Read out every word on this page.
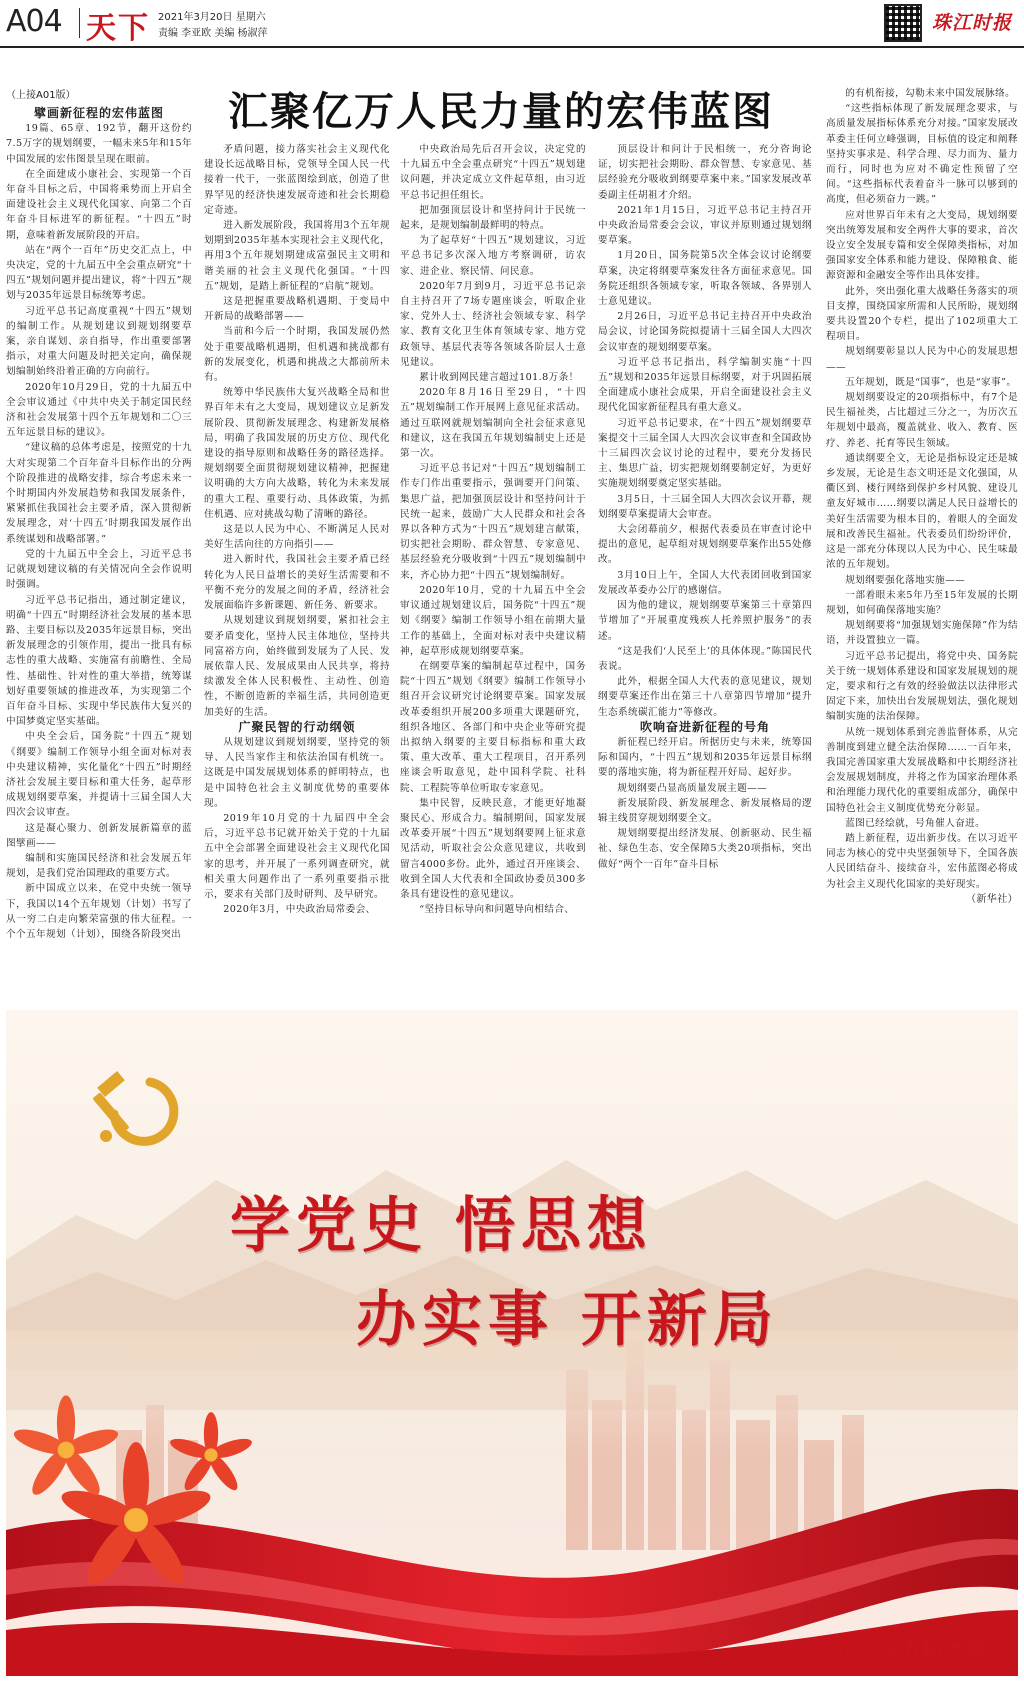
A04 天下 2021年3月20日 星期六
责编 李亚欧 美编 杨淑萍	珠江时报
（上接A01版）	汇聚亿万人民力量的宏伟蓝图

擘画新征程的宏伟蓝图

19篇、65章、192节，翻开这份约7.5万字的规划纲要，一幅未来5年和15年中国发展的宏伟图景呈现在眼前。

在全面建成小康社会、实现第一个百年奋斗目标之后，中国将乘势而上开启全面建设社会主义现代化国家、向第二个百年奋斗目标进军的新征程。“十四五”时期，意味着新发展阶段的开启。

站在“两个一百年”历史交汇点上，中央决定，党的十九届五中全会重点研究“十四五”规划问题并提出建议，将“十四五”规划与2035年远景目标统筹考虑。

习近平总书记高度重视“十四五”规划的编制工作。从规划建议到规划纲要草案，亲自谋划、亲自指导，作出重要部署指示，对重大问题及时把关定向，确保规划编制始终沿着正确的方向前行。

2020年10月29日，党的十九届五中全会审议通过《中共中央关于制定国民经济和社会发展第十四个五年规划和二〇三五年远景目标的建议》。

“建议稿的总体考虑是，按照党的十九大对实现第二个百年奋斗目标作出的分两个阶段推进的战略安排，综合考虑未来一个时期国内外发展趋势和我国发展条件，紧紧抓住我国社会主要矛盾，深入贯彻新发展理念，对‘十四五’时期我国发展作出系统谋划和战略部署。”

党的十九届五中全会上，习近平总书记就规划建议稿的有关情况向全会作说明时强调。

习近平总书记指出，通过制定建议，明确“十四五”时期经济社会发展的基本思路、主要目标以及2035年远景目标，突出新发展理念的引领作用，提出一批具有标志性的重大战略、实施富有前瞻性、全局性、基础性、针对性的重大举措，统筹谋划好重要领域的推进改革，为实现第二个百年奋斗目标、实现中华民族伟大复兴的中国梦奠定坚实基础。

中央全会后，国务院“十四五”规划《纲要》编制工作领导小组全面对标对表中央建议精神，实化量化“十四五”时期经济社会发展主要目标和重大任务，起草形成规划纲要草案，并提请十三届全国人大四次会议审查。

这是凝心聚力、创新发展新篇章的蓝图擘画——

编制和实施国民经济和社会发展五年规划，是我们党治国理政的重要方式。

新中国成立以来，在党中央统一领导下，我国以14个五年规划（计划）书写了从一穷二白走向繁荣富强的伟大征程。一个个五年规划（计划），围绕各阶段突出

矛盾问题，接力落实社会主义现代化建设长远战略目标，党领导全国人民一代接着一代干，一张蓝图绘到底，创造了世界罕见的经济快速发展奇迹和社会长期稳定奇迹。

进入新发展阶段，我国将用3个五年规划期到2035年基本实现社会主义现代化，再用3个五年规划期建成富强民主文明和谐美丽的社会主义现代化强国。“十四五”规划，是踏上新征程的“启航”规划。

这是把握重要战略机遇期、于变局中开新局的战略部署——

当前和今后一个时期，我国发展仍然处于重要战略机遇期，但机遇和挑战都有新的发展变化，机遇和挑战之大都前所未有。

统筹中华民族伟大复兴战略全局和世界百年未有之大变局，规划建议立足新发展阶段、贯彻新发展理念、构建新发展格局，明确了我国发展的历史方位、现代化建设的指导原则和战略任务的路径选择。规划纲要全面贯彻规划建议精神，把握建议明确的大方向大战略，转化为未来发展的重大工程、重要行动、具体政策，为抓住机遇、应对挑战勾勒了清晰的路径。

这是以人民为中心、不断满足人民对美好生活向往的方向指引——

进入新时代，我国社会主要矛盾已经转化为人民日益增长的美好生活需要和不平衡不充分的发展之间的矛盾，经济社会发展面临许多新课题、新任务、新要求。

从规划建议到规划纲要，紧扣社会主要矛盾变化，坚持人民主体地位，坚持共同富裕方向，始终做到发展为了人民、发展依靠人民、发展成果由人民共享，将持续激发全体人民积极性、主动性、创造性，不断创造新的幸福生活，共同创造更加美好的生活。

广聚民智的行动纲领

从规划建议到规划纲要，坚持党的领导、人民当家作主和依法治国有机统一。这既是中国发展规划体系的鲜明特点，也是中国特色社会主义制度优势的重要体现。

2019年10月党的十九届四中全会后，习近平总书记就开始关于党的十九届五中全会部署全面建设社会主义现代化国家的思考，并开展了一系列调查研究，就相关重大问题作出了一系列重要指示批示，要求有关部门及时研判、及早研究。

2020年3月，中央政治局常委会、

中央政治局先后召开会议，决定党的十九届五中全会重点研究“十四五”规划建议问题，并决定成立文件起草组，由习近平总书记担任组长。

把加强顶层设计和坚持问计于民统一起来，是规划编制最鲜明的特点。

为了起草好“十四五”规划建议，习近平总书记多次深入地方考察调研，访农家、进企业、察民情、问民意。

2020年7月到9月，习近平总书记亲自主持召开了7场专题座谈会，听取企业家、党外人士、经济社会领域专家、科学家、教育文化卫生体育领域专家、地方党政领导、基层代表等各领域各阶层人士意见建议。

累计收到网民建言超过101.8万条！

2020年8月16日至29日，“十四五”规划编制工作开展网上意见征求活动。通过互联网就规划编制向全社会征求意见和建议，这在我国五年规划编制史上还是第一次。

习近平总书记对“十四五”规划编制工作专门作出重要指示，强调要开门问策、集思广益，把加强顶层设计和坚持问计于民统一起来，鼓励广大人民群众和社会各界以各种方式为“十四五”规划建言献策，切实把社会期盼、群众智慧、专家意见、基层经验充分吸收到“十四五”规划编制中来，齐心协力把“十四五”规划编制好。

2020年10月，党的十九届五中全会审议通过规划建议后，国务院“十四五”规划《纲要》编制工作领导小组在前期大量工作的基础上，全面对标对表中央建议精神，起草形成规划纲要草案。

在纲要草案的编制起草过程中，国务院“十四五”规划《纲要》编制工作领导小组召开会议研究讨论纲要草案。国家发展改革委组织开展200多项重大课题研究，组织各地区、各部门和中央企业等研究提出拟纳入纲要的主要目标指标和重大政策、重大改革、重大工程项目，召开系列座谈会听取意见，赴中国科学院、社科院、工程院等单位听取专家意见。

集中民智，反映民意，才能更好地凝聚民心、形成合力。编制期间，国家发展改革委开展“十四五”规划纲要网上征求意见活动，听取社会公众意见建议，共收到留言4000多份。此外，通过召开座谈会、收到全国人大代表和全国政协委员300多条具有建设性的意见建议。

“坚持目标导向和问题导向相结合、

顶层设计和问计于民相统一，充分咨询论证，切实把社会期盼、群众智慧、专家意见、基层经验充分吸收到纲要草案中来。”国家发展改革委副主任胡祖才介绍。

2021年1月15日，习近平总书记主持召开中央政治局常委会会议，审议并原则通过规划纲要草案。

1月20日，国务院第5次全体会议讨论纲要草案，决定将纲要草案发往各方面征求意见。国务院还组织各领域专家，听取各领域、各界别人士意见建议。

2月26日，习近平总书记主持召开中央政治局会议，讨论国务院拟提请十三届全国人大四次会议审查的规划纲要草案。

习近平总书记指出，科学编制实施“十四五”规划和2035年远景目标纲要，对于巩固拓展全面建成小康社会成果，开启全面建设社会主义现代化国家新征程具有重大意义。

习近平总书记要求，在“十四五”规划纲要草案提交十三届全国人大四次会议审查和全国政协十三届四次会议讨论的过程中，要充分发扬民主、集思广益，切实把规划纲要制定好，为更好实施规划纲要奠定坚实基础。

3月5日，十三届全国人大四次会议开幕，规划纲要草案提请大会审查。

大会闭幕前夕，根据代表委员在审查讨论中提出的意见，起草组对规划纲要草案作出55处修改。

3月10日上午，全国人大代表团回收到国家发展改革委办公厅的感谢信。

因为他的建议，规划纲要草案第三十章第四节增加了“开展重度残疾人托养照护服务”的表述。

“这是我们‘人民至上’的具体体现。”陈国民代表说。

此外，根据全国人大代表的意见建议，规划纲要草案还作出在第三十八章第四节增加“提升生态系统碳汇能力”等修改。

吹响奋进新征程的号角

新征程已经开启。所据历史与未来，统筹国际和国内，“十四五”规划和2035年远景目标纲要的落地实施，将为新征程开好局、起好步。

规划纲要凸显高质量发展主题——

新发展阶段、新发展理念、新发展格局的逻辑主线贯穿规划纲要全文。

规划纲要提出经济发展、创新驱动、民生福祉、绿色生态、安全保障5大类20项指标，突出做好“两个一百年”奋斗目标

的有机衔接，勾勒未来中国发展脉络。

“这些指标体现了新发展理念要求，与高质量发展指标体系充分对接。”国家发展改革委主任何立峰强调，目标值的设定和阐释坚持实事求是、科学合理、尽力而为、量力而行，同时也为应对不确定性预留了空间。“这些指标代表着奋斗一脉可以够到的高度，但必须奋力一跳。”

应对世界百年未有之大变局，规划纲要突出统筹发展和安全两件大事的要求，首次设立安全发展专篇和安全保障类指标，对加强国家安全体系和能力建设、保障粮食、能源资源和金融安全等作出具体安排。

此外，突出强化重大战略任务落实的项目支撑，围绕国家所需和人民所盼，规划纲要共设置20个专栏，提出了102项重大工程项目。

规划纲要彰显以人民为中心的发展思想——

五年规划，既是“国事”，也是“家事”。

规划纲要设定的20项指标中，有7个是民生福祉类，占比超过三分之一，为历次五年规划中最高，覆盖就业、收入、教育、医疗、养老、托育等民生领域。

通读纲要全文，无论是指标设定还是城乡发展，无论是生态文明还是文化强国，从衢区到、楼行网络到保护乡村风貌、建设儿童友好城市……纲要以满足人民日益增长的美好生活需要为根本目的，着眼人的全面发展和改善民生福祉。代表委员们纷纷评价，这是一部充分体现以人民为中心、民生味最浓的五年规划。

规划纲要强化落地实施——

一部着眼未来5年乃至15年发展的长期规划，如何确保落地实施？

规划纲要将“加强规划实施保障”作为结语，并设置独立一篇。

习近平总书记提出，将党中央、国务院关于统一规划体系建设和国家发展规划的规定，要求和行之有效的经验做法以法律形式固定下来，加快出台发展规划法，强化规划编制实施的法治保障。

从统一规划体系到完善监督体系，从完善制度到建立健全法治保障……一百年来，我国完善国家重大发展战略和中长期经济社会发展规划制度，并将之作为国家治理体系和治理能力现代化的重要组成部分，确保中国特色社会主义制度优势充分彰显。

蓝图已经绘就，号角催人奋进。

踏上新征程，迈出新步伐。在以习近平同志为核心的党中央坚强领导下，全国各族人民团结奋斗、接续奋斗，宏伟蓝图必将成为社会主义现代化国家的美好现实。

（新华社）

学党史 悟思想
办实事 开新局
中共广东省委宣传部
